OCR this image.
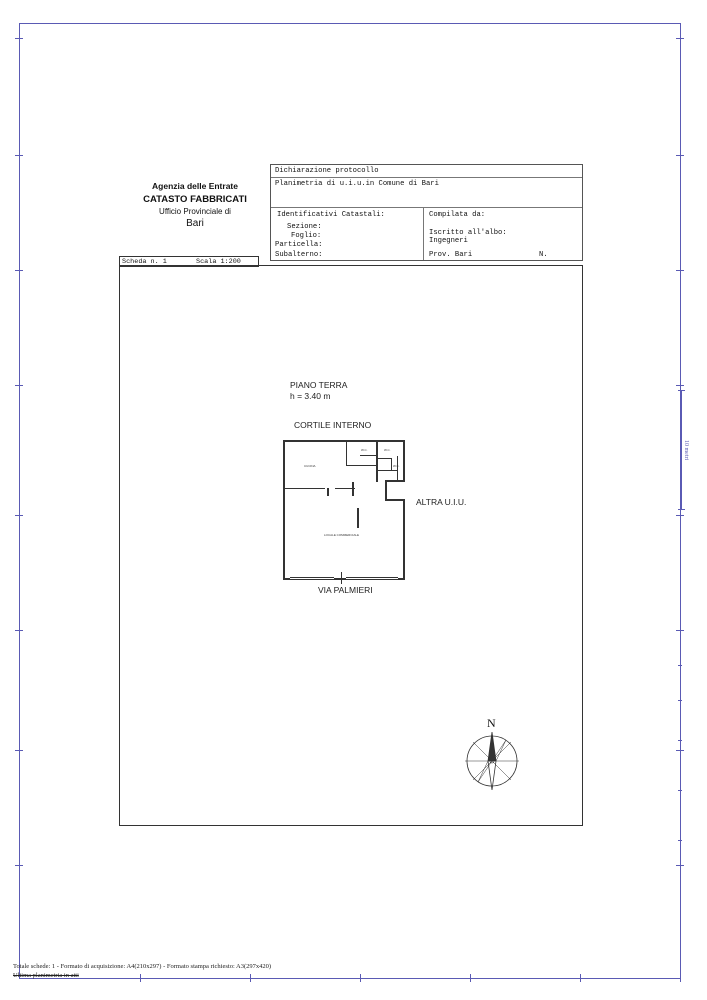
Agenzia delle Entrate
CATASTO FABBRICATI
Ufficio Provinciale di
Bari
Dichiarazione protocollo
Planimetria di u.i.u.in Comune di Bari
Identificativi Catastali:
Sezione:
Foglio:
Particella:
Subalterno:
Compilata da:
Iscritto all'albo:
Ingegneri
Prov. Bari	N.
Scheda n. 1	Scala 1:200
PIANO TERRA
h = 3.40 m
CORTILE INTERNO
ALTRA U.I.U.
VIA PALMIERI
CUCINA
W.C.	W.C.
W.C.
LOCALE COMMERCIALE
N
10 metri
Totale schede: 1 - Formato di acquisizione: A4(210x297) - Formato stampa richiesto: A3(297x420)
Ultima planimetria in atti
